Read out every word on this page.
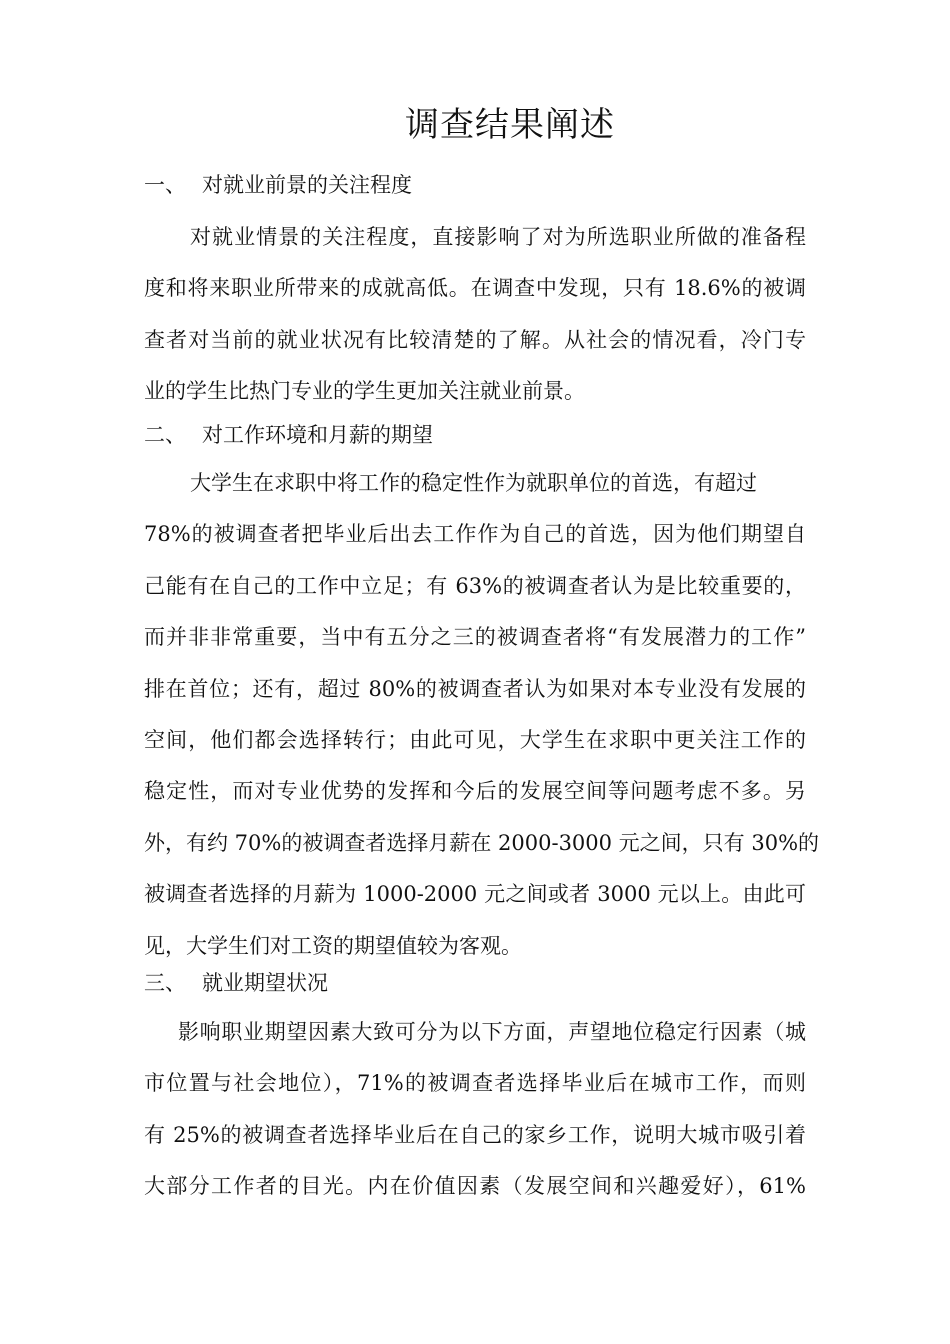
调查结果阐述
一、 对就业前景的关注程度
对就业情景的关注程度，直接影响了对为所选职业所做的准备程
度和将来职业所带来的成就高低。在调查中发现，只有 18.6%的被调
查者对当前的就业状况有比较清楚的了解。从社会的情况看，冷门专
业的学生比热门专业的学生更加关注就业前景。
二、 对工作环境和月薪的期望
大学生在求职中将工作的稳定性作为就职单位的首选，有超过
78%的被调查者把毕业后出去工作作为自己的首选，因为他们期望自
己能有在自己的工作中立足；有 63%的被调查者认为是比较重要的，
而并非非常重要，当中有五分之三的被调查者将“有发展潜力的工作”
排在首位；还有，超过 80%的被调查者认为如果对本专业没有发展的
空间，他们都会选择转行；由此可见，大学生在求职中更关注工作的
稳定性，而对专业优势的发挥和今后的发展空间等问题考虑不多。另
外，有约 70%的被调查者选择月薪在 2000-3000 元之间，只有 30%的
被调查者选择的月薪为 1000-2000 元之间或者 3000 元以上。由此可
见，大学生们对工资的期望值较为客观。
三、 就业期望状况
影响职业期望因素大致可分为以下方面，声望地位稳定行因素（城
市位置与社会地位），71%的被调查者选择毕业后在城市工作，而则
有 25%的被调查者选择毕业后在自己的家乡工作，说明大城市吸引着
大部分工作者的目光。内在价值因素（发展空间和兴趣爱好），61%
